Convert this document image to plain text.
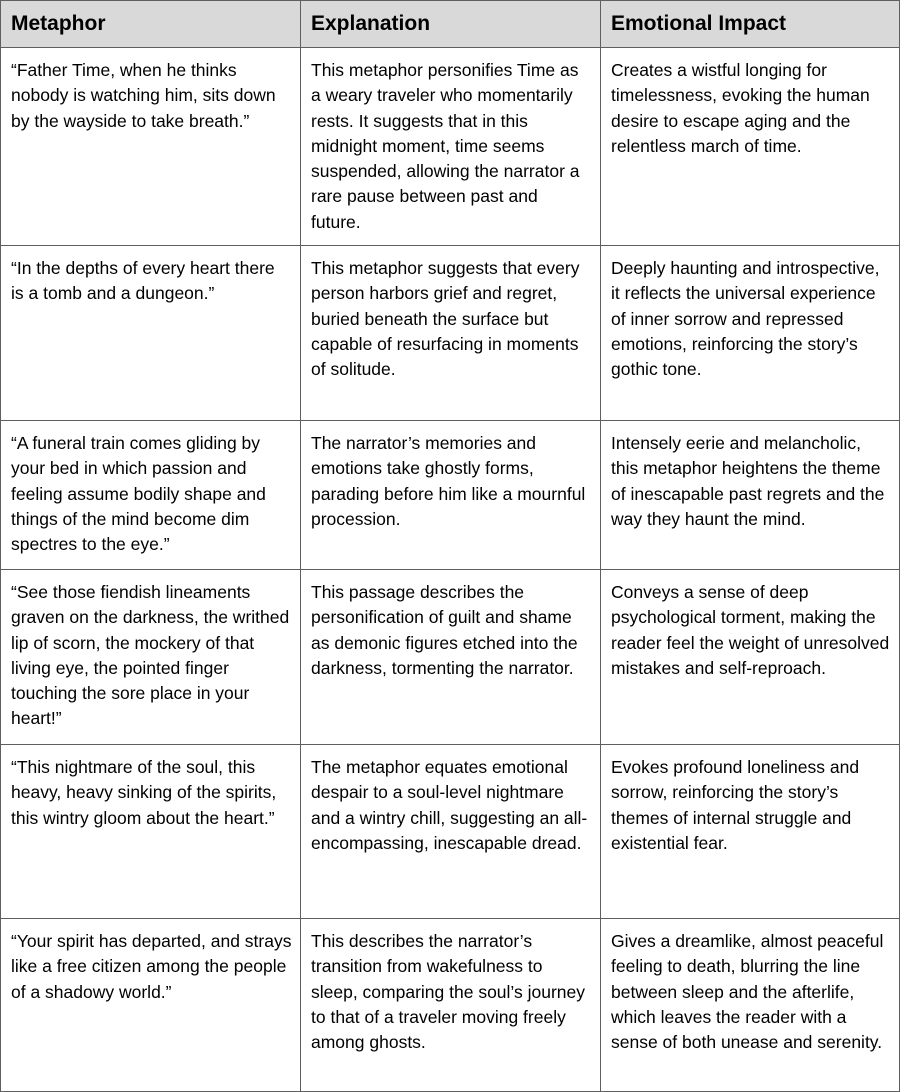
Metaphor	Explanation	Emotional Impact
“Father Time, when he thinks nobody is watching him, sits down by the wayside to take breath.”	This metaphor personifies Time as a weary traveler who momentarily rests. It suggests that in this midnight moment, time seems suspended, allowing the narrator a rare pause between past and future.	Creates a wistful longing for timelessness, evoking the human desire to escape aging and the relentless march of time.
“In the depths of every heart there is a tomb and a dungeon.”	This metaphor suggests that every person harbors grief and regret, buried beneath the surface but capable of resurfacing in moments of solitude.	Deeply haunting and introspective, it reflects the universal experience of inner sorrow and repressed emotions, reinforcing the story’s gothic tone.
“A funeral train comes gliding by your bed in which passion and feeling assume bodily shape and things of the mind become dim spectres to the eye.”	The narrator’s memories and emotions take ghostly forms, parading before him like a mournful procession.	Intensely eerie and melancholic, this metaphor heightens the theme of inescapable past regrets and the way they haunt the mind.
“See those fiendish lineaments graven on the darkness, the writhed lip of scorn, the mockery of that living eye, the pointed finger touching the sore place in your heart!”	This passage describes the personification of guilt and shame as demonic figures etched into the darkness, tormenting the narrator.	Conveys a sense of deep psychological torment, making the reader feel the weight of unresolved mistakes and self-reproach.
“This nightmare of the soul, this heavy, heavy sinking of the spirits, this wintry gloom about the heart.”	The metaphor equates emotional despair to a soul-level nightmare and a wintry chill, suggesting an all-encompassing, inescapable dread.	Evokes profound loneliness and sorrow, reinforcing the story’s themes of internal struggle and existential fear.
“Your spirit has departed, and strays like a free citizen among the people of a shadowy world.”	This describes the narrator’s transition from wakefulness to sleep, comparing the soul’s journey to that of a traveler moving freely among ghosts.	Gives a dreamlike, almost peaceful feeling to death, blurring the line between sleep and the afterlife, which leaves the reader with a sense of both unease and serenity.
